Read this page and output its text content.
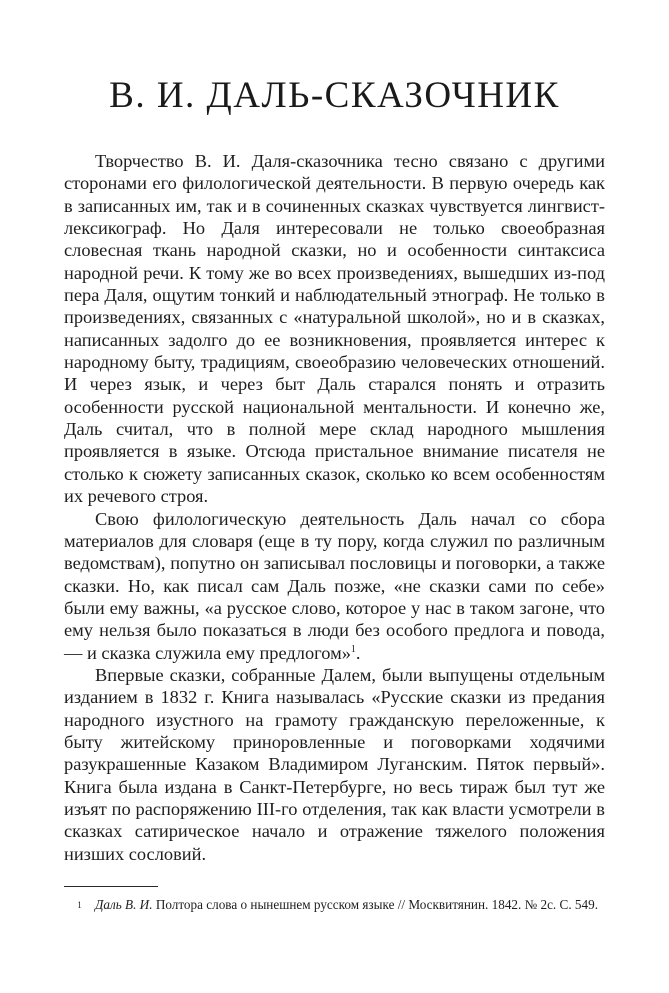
В. И. ДАЛЬ-СКАЗОЧНИК

Творчество В. И. Даля-сказочника тесно связано с другими сторонами его филологической деятельности. В первую очередь как в записанных им, так и в сочиненных сказках чувствуется лингвист-лексикограф. Но Даля интересовали не только своеобразная словесная ткань народной сказки, но и особенности синтаксиса народной речи. К тому же во всех произведениях, вышедших из-под пера Даля, ощутим тонкий и наблюдательный этнограф. Не только в произведениях, связанных с «натуральной школой», но и в сказках, написанных задолго до ее возникновения, проявляется интерес к народному быту, традициям, своеобразию человеческих отношений. И через язык, и через быт Даль старался понять и отразить особенности русской национальной ментальности. И конечно же, Даль считал, что в полной мере склад народного мышления проявляется в языке. Отсюда пристальное внимание писателя не столько к сюжету записанных сказок, сколько ко всем особенностям их речевого строя.

Свою филологическую деятельность Даль начал со сбора материалов для словаря (еще в ту пору, когда служил по различным ведомствам), попутно он записывал пословицы и поговорки, а также сказки. Но, как писал сам Даль позже, «не сказки сами по себе» были ему важны, «а русское слово, которое у нас в таком загоне, что ему нельзя было показаться в люди без особого предлога и повода, — и сказка служила ему предлогом»$^1$.

Впервые сказки, собранные Далем, были выпущены отдельным изданием в 1832 г. Книга называлась «Русские сказки из предания народного изустного на грамоту гражданскую переложенные, к быту житейскому приноровленные и поговорками ходячими разукрашенные Казаком Владимиром Луганским. Пяток первый». Книга была издана в Санкт-Петербурге, но весь тираж был тут же изъят по распоряжению III-го отделения, так как власти усмотрели в сказках сатирическое начало и отражение тяжелого положения низших сословий.

1 Даль В. И. Полтора слова о нынешнем русском языке // Москвитянин. 1842. № 2с. С. 549.
